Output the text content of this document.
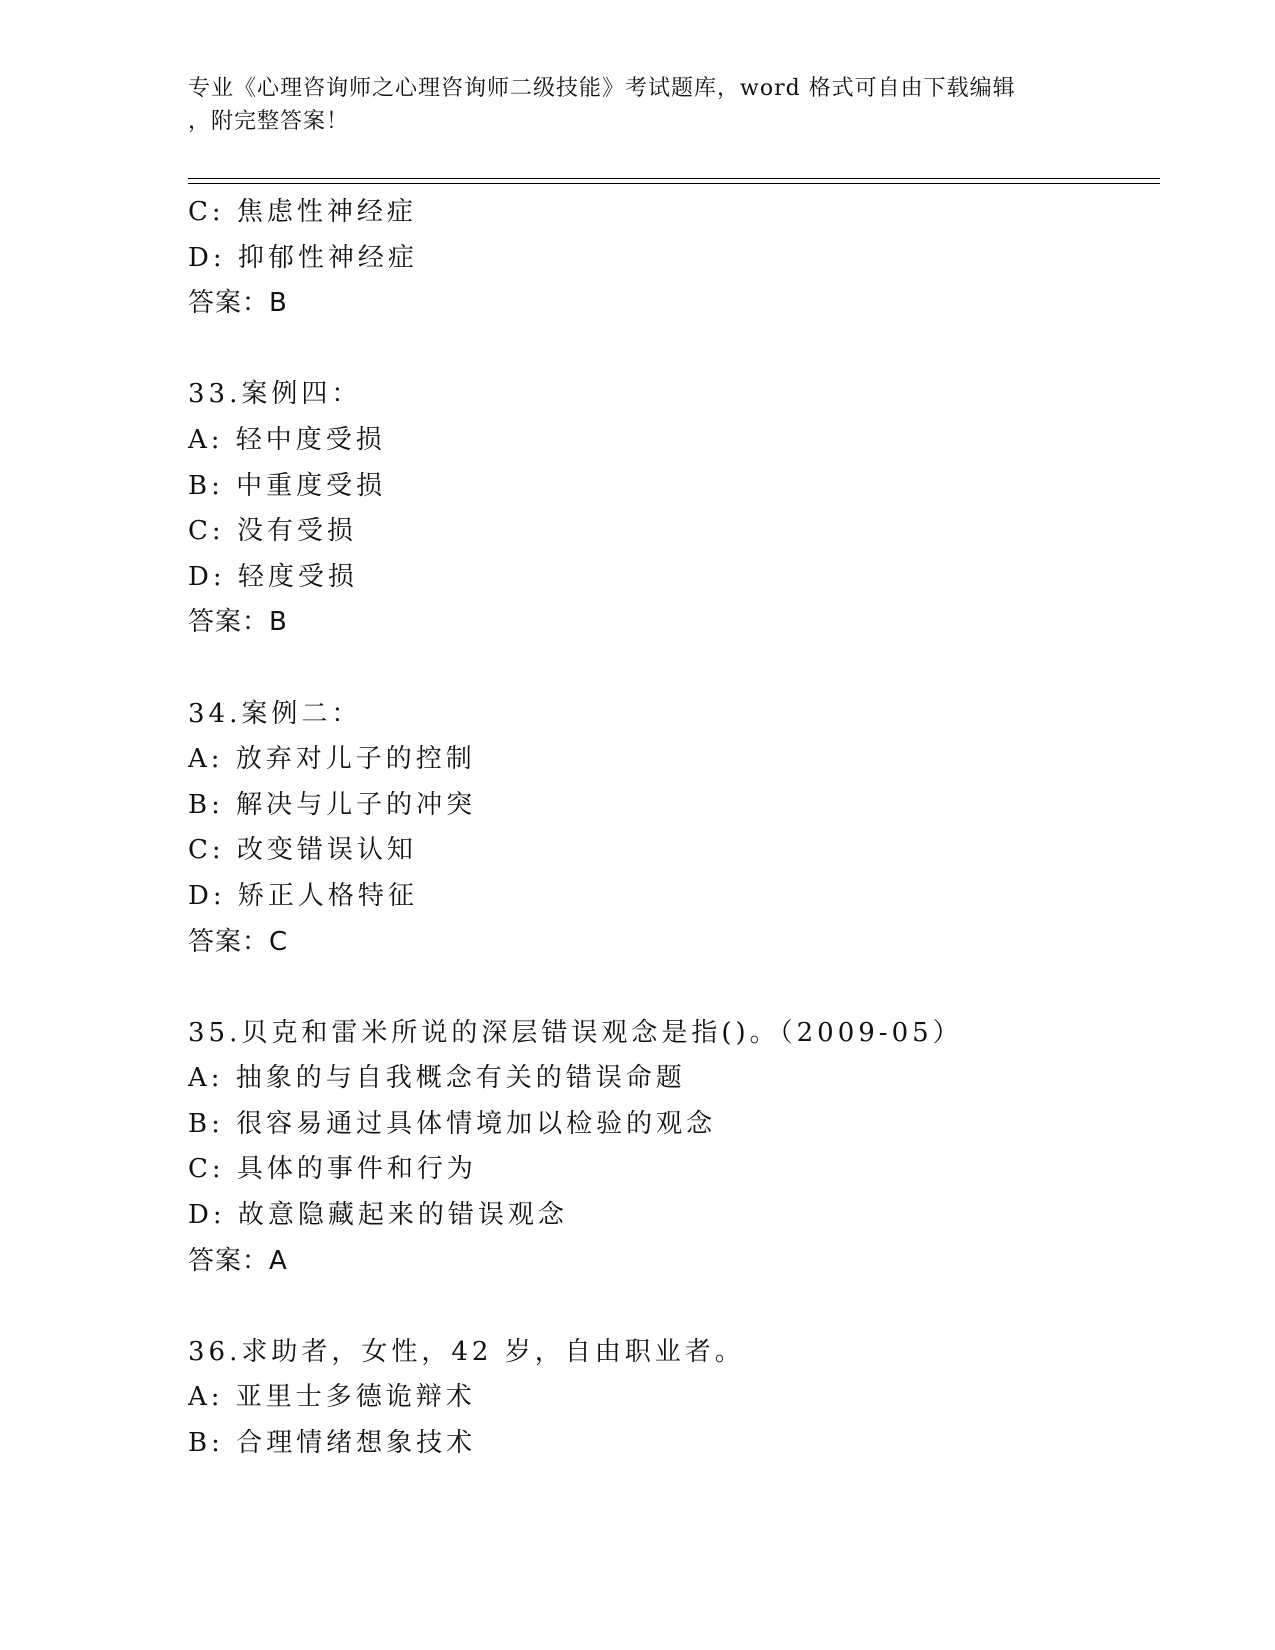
专业《心理咨询师之心理咨询师二级技能》考试题库，word 格式可自由下载编辑
，附完整答案！
C: 焦虑性神经症
D: 抑郁性神经症
答案：B
33.案例四：
A: 轻中度受损
B: 中重度受损
C: 没有受损
D: 轻度受损
答案：B
34.案例二：
A: 放弃对儿子的控制
B: 解决与儿子的冲突
C: 改变错误认知
D: 矫正人格特征
答案：C
35.贝克和雷米所说的深层错误观念是指()。（2009-05）
A: 抽象的与自我概念有关的错误命题
B: 很容易通过具体情境加以检验的观念
C: 具体的事件和行为
D: 故意隐藏起来的错误观念
答案：A
36.求助者，女性，42 岁，自由职业者。
A: 亚里士多德诡辩术
B: 合理情绪想象技术
